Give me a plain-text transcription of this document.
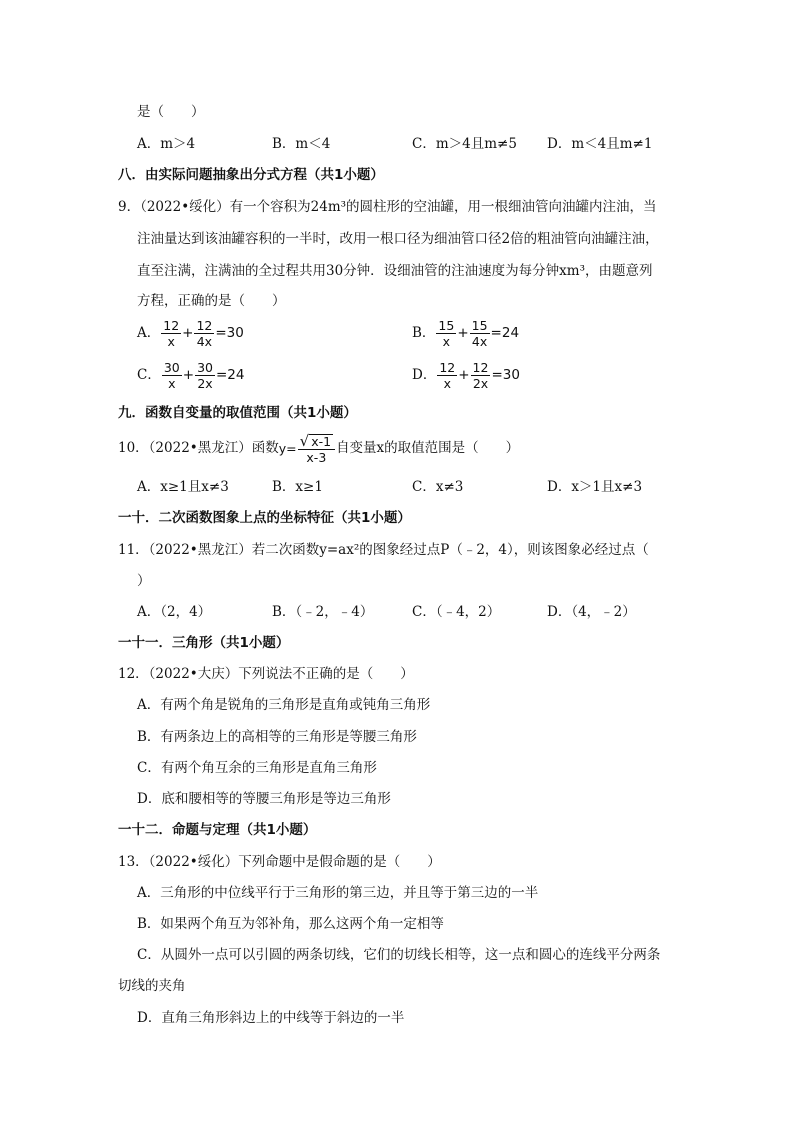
是（　　）
A．m＞4	B．m＜4	C．m＞4且m≠5 D．m＜4且m≠1
八．由实际问题抽象出分式方程（共1小题）
9．（2022•绥化）有一个容积为24m³的圆柱形的空油罐，用一根细油管向油罐内注油，当
注油量达到该油罐容积的一半时，改用一根口径为细油管口径2倍的粗油管向油罐注油，
直至注满，注满油的全过程共用30分钟．设细油管的注油速度为每分钟xm³，由题意列
方程，正确的是（　　）
A． $\frac{12}{x} + \frac{12}{4x} =30$	B． $\frac{15}{x} + \frac{15}{4x} =24$
C． $\frac{30}{x} + \frac{30}{2x} =24$	D． $\frac{12}{x} + \frac{12}{2x} =30$
九．函数自变量的取值范围（共1小题）
10．（2022•黑龙江）函数$y= \frac{√ x-1}{x-3}$ 自变量x的取值范围是（　　）
A．x≥1且x≠3	B．x≥1	C．x≠3	D．x＞1且x≠3
一十．二次函数图象上点的坐标特征（共1小题）
11．（2022•黑龙江）若二次函数y=ax²的图象经过点P（﹣2，4），则该图象必经过点（
）
A．（2，4）	B．（﹣2，﹣4）	C．（﹣4，2）	D．（4，﹣2）
一十一．三角形（共1小题）
12．（2022•大庆）下列说法不正确的是（　　）
A．有两个角是锐角的三角形是直角或钝角三角形
B．有两条边上的高相等的三角形是等腰三角形
C．有两个角互余的三角形是直角三角形
D．底和腰相等的等腰三角形是等边三角形
一十二．命题与定理（共1小题）
13．（2022•绥化）下列命题中是假命题的是（　　）
A．三角形的中位线平行于三角形的第三边，并且等于第三边的一半
B．如果两个角互为邻补角，那么这两个角一定相等
C．从圆外一点可以引圆的两条切线，它们的切线长相等，这一点和圆心的连线平分两条
切线的夹角
D．直角三角形斜边上的中线等于斜边的一半
